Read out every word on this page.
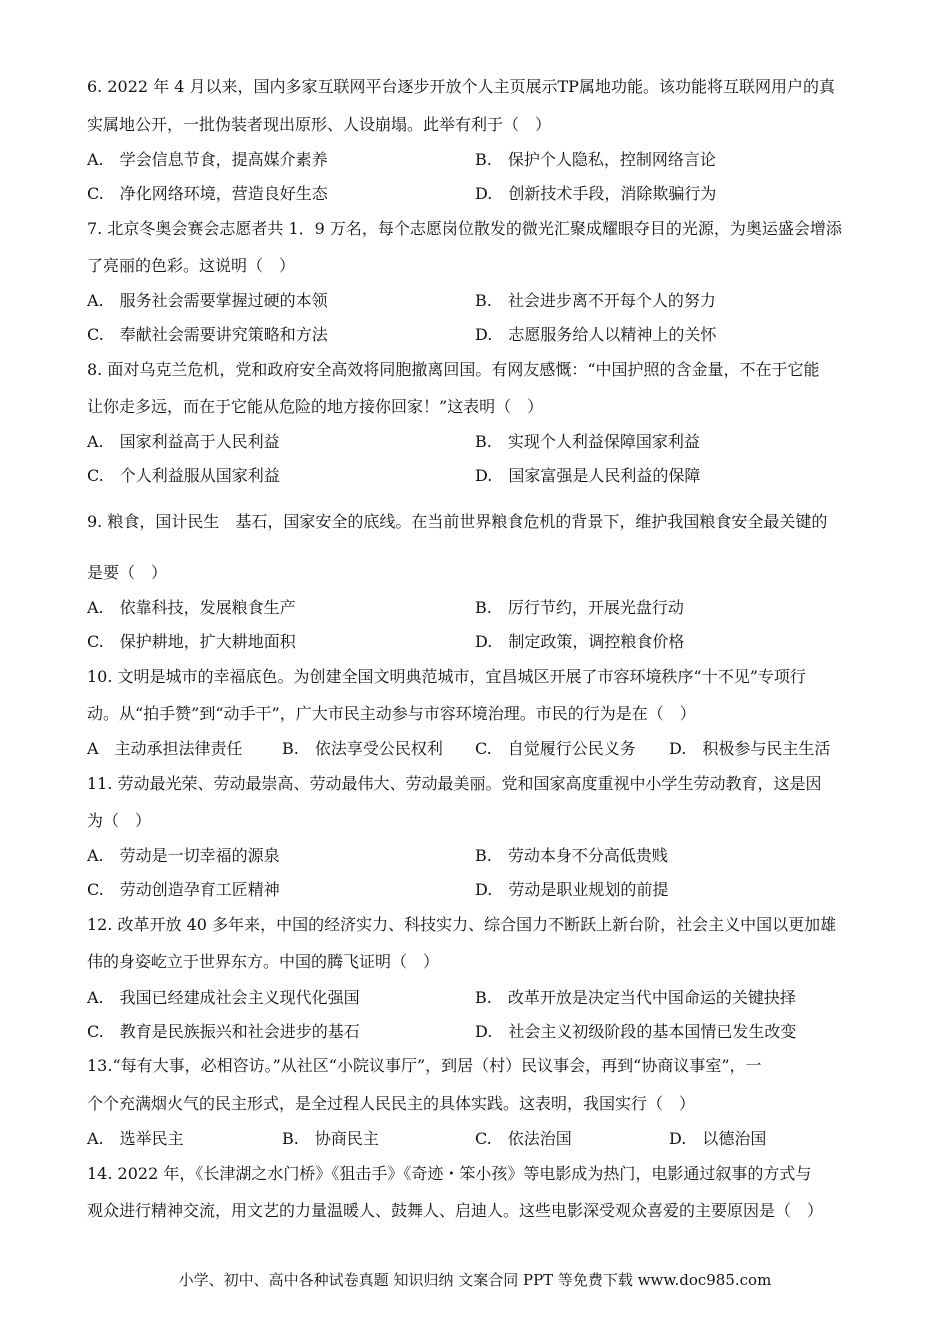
6. 2022 年 4 月以来，国内多家互联网平台逐步开放个人主页展示TP属地功能。该功能将互联网用户的真
实属地公开，一批伪装者现出原形、人设崩塌。此举有利于（　）
A.　学会信息节食，提高媒介素养	B.　保护个人隐私，控制网络言论
C.　净化网络环境，营造良好生态	D.　创新技术手段，消除欺骗行为
7. 北京冬奥会赛会志愿者共 1．9 万名，每个志愿岗位散发的微光汇聚成耀眼夺目的光源，为奥运盛会增添
了亮丽的色彩。这说明（　）
A.　服务社会需要掌握过硬的本领	B.　社会进步离不开每个人的努力
C.　奉献社会需要讲究策略和方法	D.　志愿服务给人以精神上的关怀
8. 面对乌克兰危机，党和政府安全高效将同胞撤离回国。有网友感慨：“中国护照的含金量，不在于它能
让你走多远，而在于它能从危险的地方接你回家！”这表明（　）
A.　国家利益高于人民利益	B.　实现个人利益保障国家利益
C.　个人利益服从国家利益	D.　国家富强是人民利益的保障
9. 粮食，国计民生　基石，国家安全的底线。在当前世界粮食危机的背景下，维护我国粮食安全最关键的
是要（　）
A.　依靠科技，发展粮食生产	B.　厉行节约，开展光盘行动
C.　保护耕地，扩大耕地面积	D.　制定政策，调控粮食价格
10. 文明是城市的幸福底色。为创建全国文明典范城市，宜昌城区开展了市容环境秩序“十不见”专项行
动。从“拍手赞”到“动手干”，广大市民主动参与市容环境治理。市民的行为是在（　）
A　主动承担法律责任 B.　依法享受公民权利 C.　自觉履行公民义务 D.　积极参与民主生活
11. 劳动最光荣、劳动最崇高、劳动最伟大、劳动最美丽。党和国家高度重视中小学生劳动教育，这是因
为（　）
A.　劳动是一切幸福的源泉	B.　劳动本身不分高低贵贱
C.　劳动创造孕育工匠精神	D.　劳动是职业规划的前提
12. 改革开放 40 多年来，中国的经济实力、科技实力、综合国力不断跃上新台阶，社会主义中国以更加雄
伟的身姿屹立于世界东方。中国的腾飞证明（　）
A.　我国已经建成社会主义现代化强国	B.　改革开放是决定当代中国命运的关键抉择
C.　教育是民族振兴和社会进步的基石	D.　社会主义初级阶段的基本国情已发生改变
13.“每有大事，必相咨访。”从社区“小院议事厅”，到居（村）民议事会，再到“协商议事室”，一
个个充满烟火气的民主形式，是全过程人民民主的具体实践。这表明，我国实行（　）
A.　选举民主	B.　协商民主	C.　依法治国	D.　以德治国
14. 2022 年，《长津湖之水门桥》《狙击手》《奇迹・笨小孩》等电影成为热门，电影通过叙事的方式与
观众进行精神交流，用文艺的力量温暖人、鼓舞人、启迪人。这些电影深受观众喜爱的主要原因是（　）
小学、初中、高中各种试卷真题 知识归纳 文案合同 PPT 等免费下载 www.doc985.com
